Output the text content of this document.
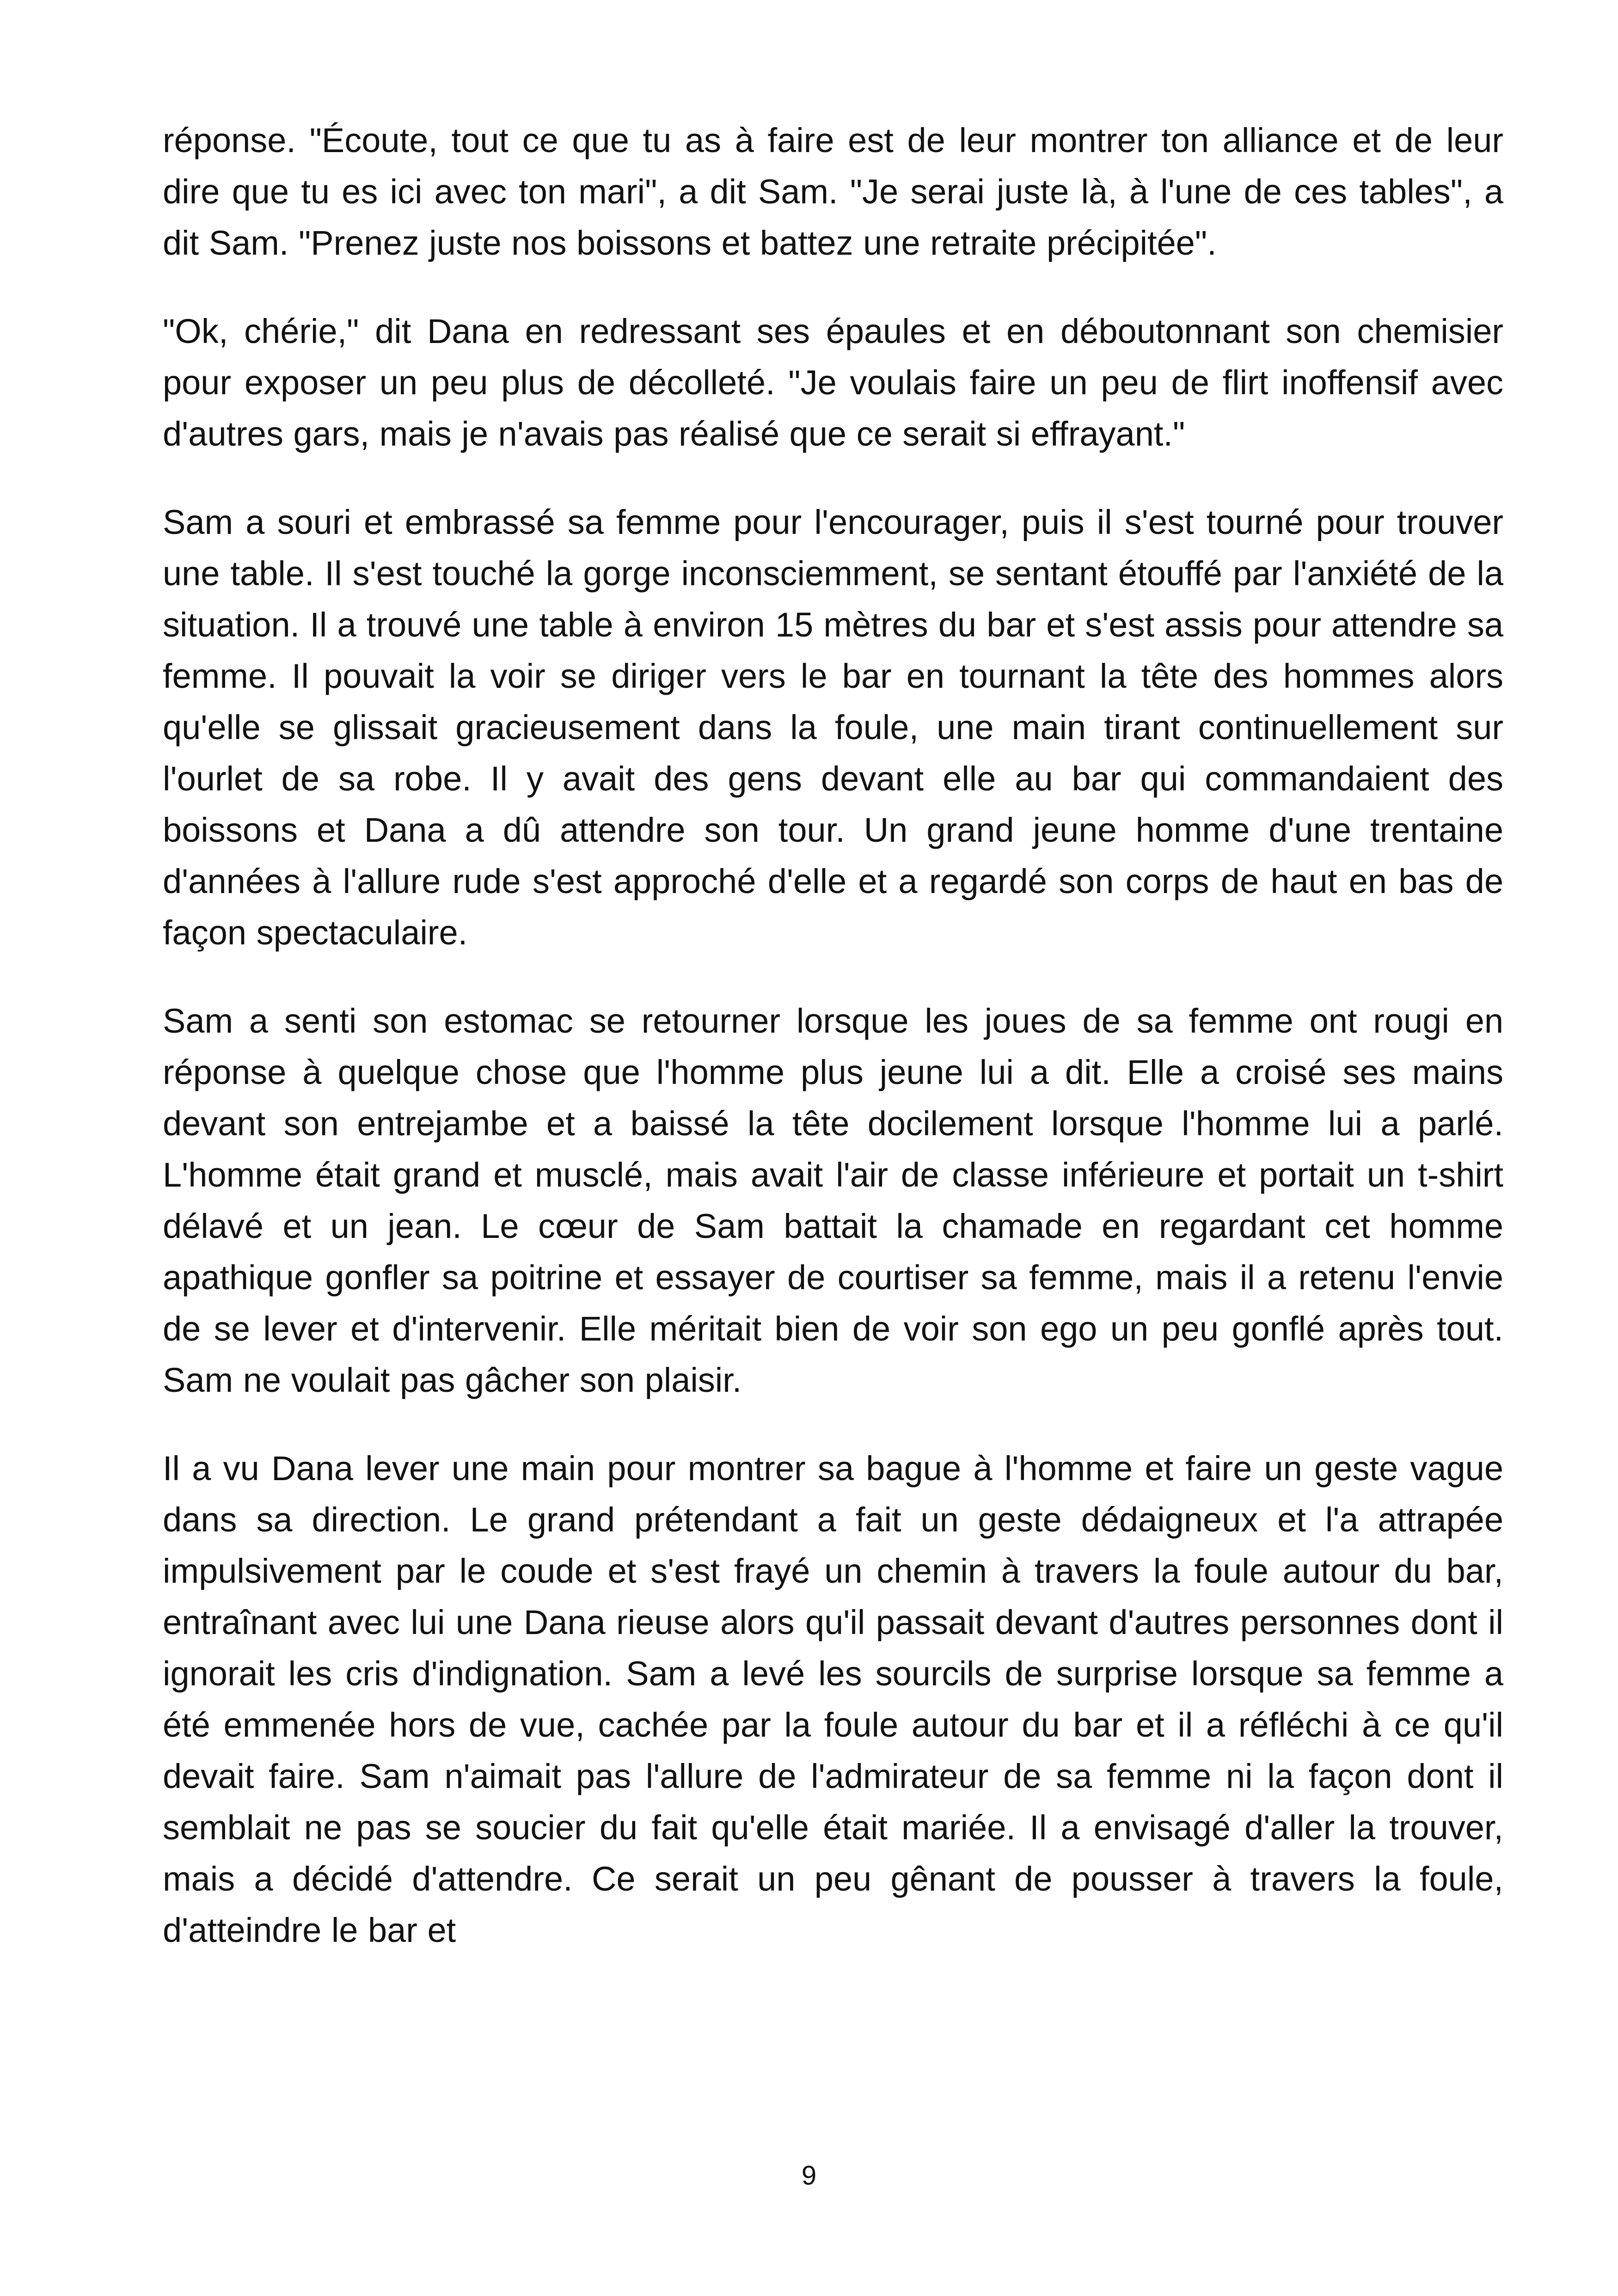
réponse. "Écoute, tout ce que tu as à faire est de leur montrer ton alliance et de leur dire que tu es ici avec ton mari", a dit Sam. "Je serai juste là, à l'une de ces tables", a dit Sam. "Prenez juste nos boissons et battez une retraite précipitée".

"Ok, chérie," dit Dana en redressant ses épaules et en déboutonnant son chemisier pour exposer un peu plus de décolleté. "Je voulais faire un peu de flirt inoffensif avec d'autres gars, mais je n'avais pas réalisé que ce serait si effrayant."

Sam a souri et embrassé sa femme pour l'encourager, puis il s'est tourné pour trouver une table. Il s'est touché la gorge inconsciemment, se sentant étouffé par l'anxiété de la situation. Il a trouvé une table à environ 15 mètres du bar et s'est assis pour attendre sa femme. Il pouvait la voir se diriger vers le bar en tournant la tête des hommes alors qu'elle se glissait gracieusement dans la foule, une main tirant continuellement sur l'ourlet de sa robe. Il y avait des gens devant elle au bar qui commandaient des boissons et Dana a dû attendre son tour. Un grand jeune homme d'une trentaine d'années à l'allure rude s'est approché d'elle et a regardé son corps de haut en bas de façon spectaculaire.

Sam a senti son estomac se retourner lorsque les joues de sa femme ont rougi en réponse à quelque chose que l'homme plus jeune lui a dit. Elle a croisé ses mains devant son entrejambe et a baissé la tête docilement lorsque l'homme lui a parlé. L'homme était grand et musclé, mais avait l'air de classe inférieure et portait un t-shirt délavé et un jean. Le cœur de Sam battait la chamade en regardant cet homme apathique gonfler sa poitrine et essayer de courtiser sa femme, mais il a retenu l'envie de se lever et d'intervenir. Elle méritait bien de voir son ego un peu gonflé après tout. Sam ne voulait pas gâcher son plaisir.

Il a vu Dana lever une main pour montrer sa bague à l'homme et faire un geste vague dans sa direction. Le grand prétendant a fait un geste dédaigneux et l'a attrapée impulsivement par le coude et s'est frayé un chemin à travers la foule autour du bar, entraînant avec lui une Dana rieuse alors qu'il passait devant d'autres personnes dont il ignorait les cris d'indignation. Sam a levé les sourcils de surprise lorsque sa femme a été emmenée hors de vue, cachée par la foule autour du bar et il a réfléchi à ce qu'il devait faire. Sam n'aimait pas l'allure de l'admirateur de sa femme ni la façon dont il semblait ne pas se soucier du fait qu'elle était mariée. Il a envisagé d'aller la trouver, mais a décidé d'attendre. Ce serait un peu gênant de pousser à travers la foule, d'atteindre le bar et

9
